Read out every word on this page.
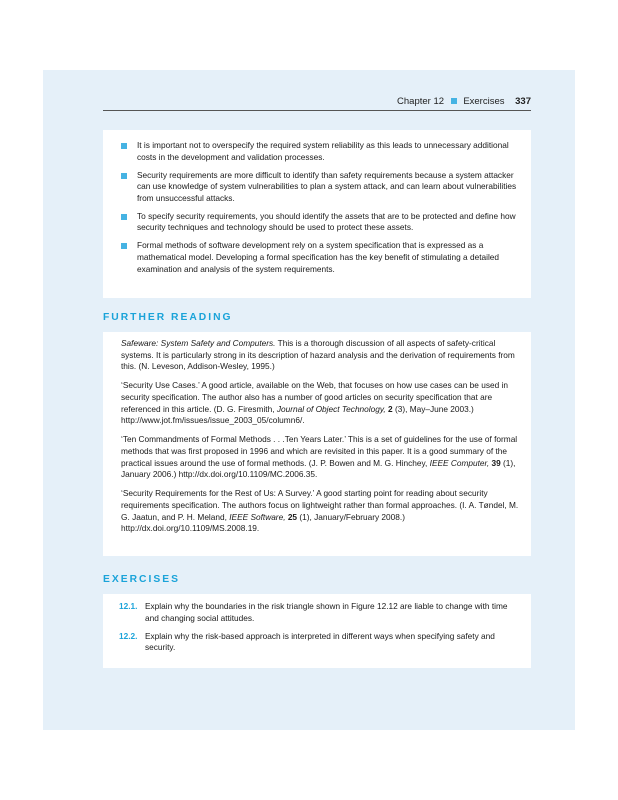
Chapter 12 Exercises 337
It is important not to overspecify the required system reliability as this leads to unnecessary additional costs in the development and validation processes.
Security requirements are more difficult to identify than safety requirements because a system attacker can use knowledge of system vulnerabilities to plan a system attack, and can learn about vulnerabilities from unsuccessful attacks.
To specify security requirements, you should identify the assets that are to be protected and define how security techniques and technology should be used to protect these assets.
Formal methods of software development rely on a system specification that is expressed as a mathematical model. Developing a formal specification has the key benefit of stimulating a detailed examination and analysis of the system requirements.
FURTHER READING
Safeware: System Safety and Computers. This is a thorough discussion of all aspects of safety-critical systems. It is particularly strong in its description of hazard analysis and the derivation of requirements from this. (N. Leveson, Addison-Wesley, 1995.)
‘Security Use Cases.’ A good article, available on the Web, that focuses on how use cases can be used in security specification. The author also has a number of good articles on security specification that are referenced in this article. (D. G. Firesmith, Journal of Object Technology, 2 (3), May–June 2003.) http://www.jot.fm/issues/issue_2003_05/column6/.
‘Ten Commandments of Formal Methods . . .Ten Years Later.’ This is a set of guidelines for the use of formal methods that was first proposed in 1996 and which are revisited in this paper. It is a good summary of the practical issues around the use of formal methods. (J. P. Bowen and M. G. Hinchey, IEEE Computer, 39 (1), January 2006.) http://dx.doi.org/10.1109/MC.2006.35.
‘Security Requirements for the Rest of Us: A Survey.’ A good starting point for reading about security requirements specification. The authors focus on lightweight rather than formal approaches. (I. A. Tøndel, M. G. Jaatun, and P. H. Meland, IEEE Software, 25 (1), January/February 2008.) http://dx.doi.org/10.1109/MS.2008.19.
EXERCISES
12.1. Explain why the boundaries in the risk triangle shown in Figure 12.12 are liable to change with time and changing social attitudes.
12.2. Explain why the risk-based approach is interpreted in different ways when specifying safety and security.
